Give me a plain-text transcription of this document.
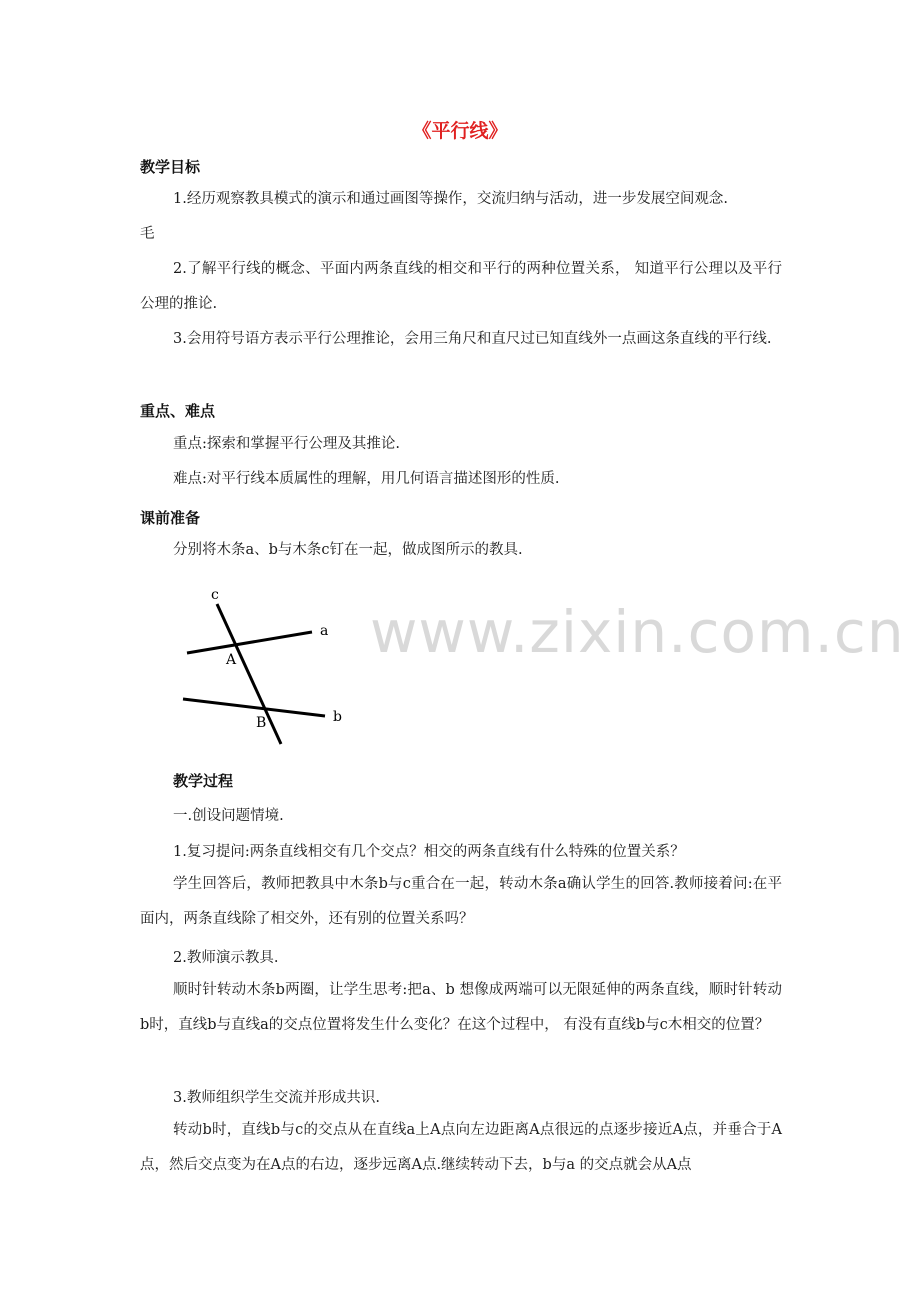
www.zixin.com.cn
《平行线》
教学目标
1.经历观察教具模式的演示和通过画图等操作，交流归纳与活动，进一步发展空间观念.
毛
2.了解平行线的概念、平面内两条直线的相交和平行的两种位置关系， 知道平行公理以及平行公理的推论.
3.会用符号语方表示平行公理推论，会用三角尺和直尺过已知直线外一点画这条直线的平行线.
重点、难点
重点:探索和掌握平行公理及其推论.
难点:对平行线本质属性的理解，用几何语言描述图形的性质.
课前准备
分别将木条a、b与木条c钉在一起，做成图所示的教具.
c
a
A
B	b
教学过程
一.创设问题情境.
1.复习提问:两条直线相交有几个交点？相交的两条直线有什么特殊的位置关系？
学生回答后，教师把教具中木条b与c重合在一起，转动木条a确认学生的回答.教师接着问:在平面内，两条直线除了相交外，还有别的位置关系吗？
2.教师演示教具.
顺时针转动木条b两圈，让学生思考:把a、b 想像成两端可以无限延伸的两条直线，顺时针转动b时，直线b与直线a的交点位置将发生什么变化？在这个过程中， 有没有直线b与c木相交的位置？
3.教师组织学生交流并形成共识.
转动b时，直线b与c的交点从在直线a上A点向左边距离A点很远的点逐步接近A点，并垂合于A点，然后交点变为在A点的右边，逐步远离A点.继续转动下去，b与a 的交点就会从A点
